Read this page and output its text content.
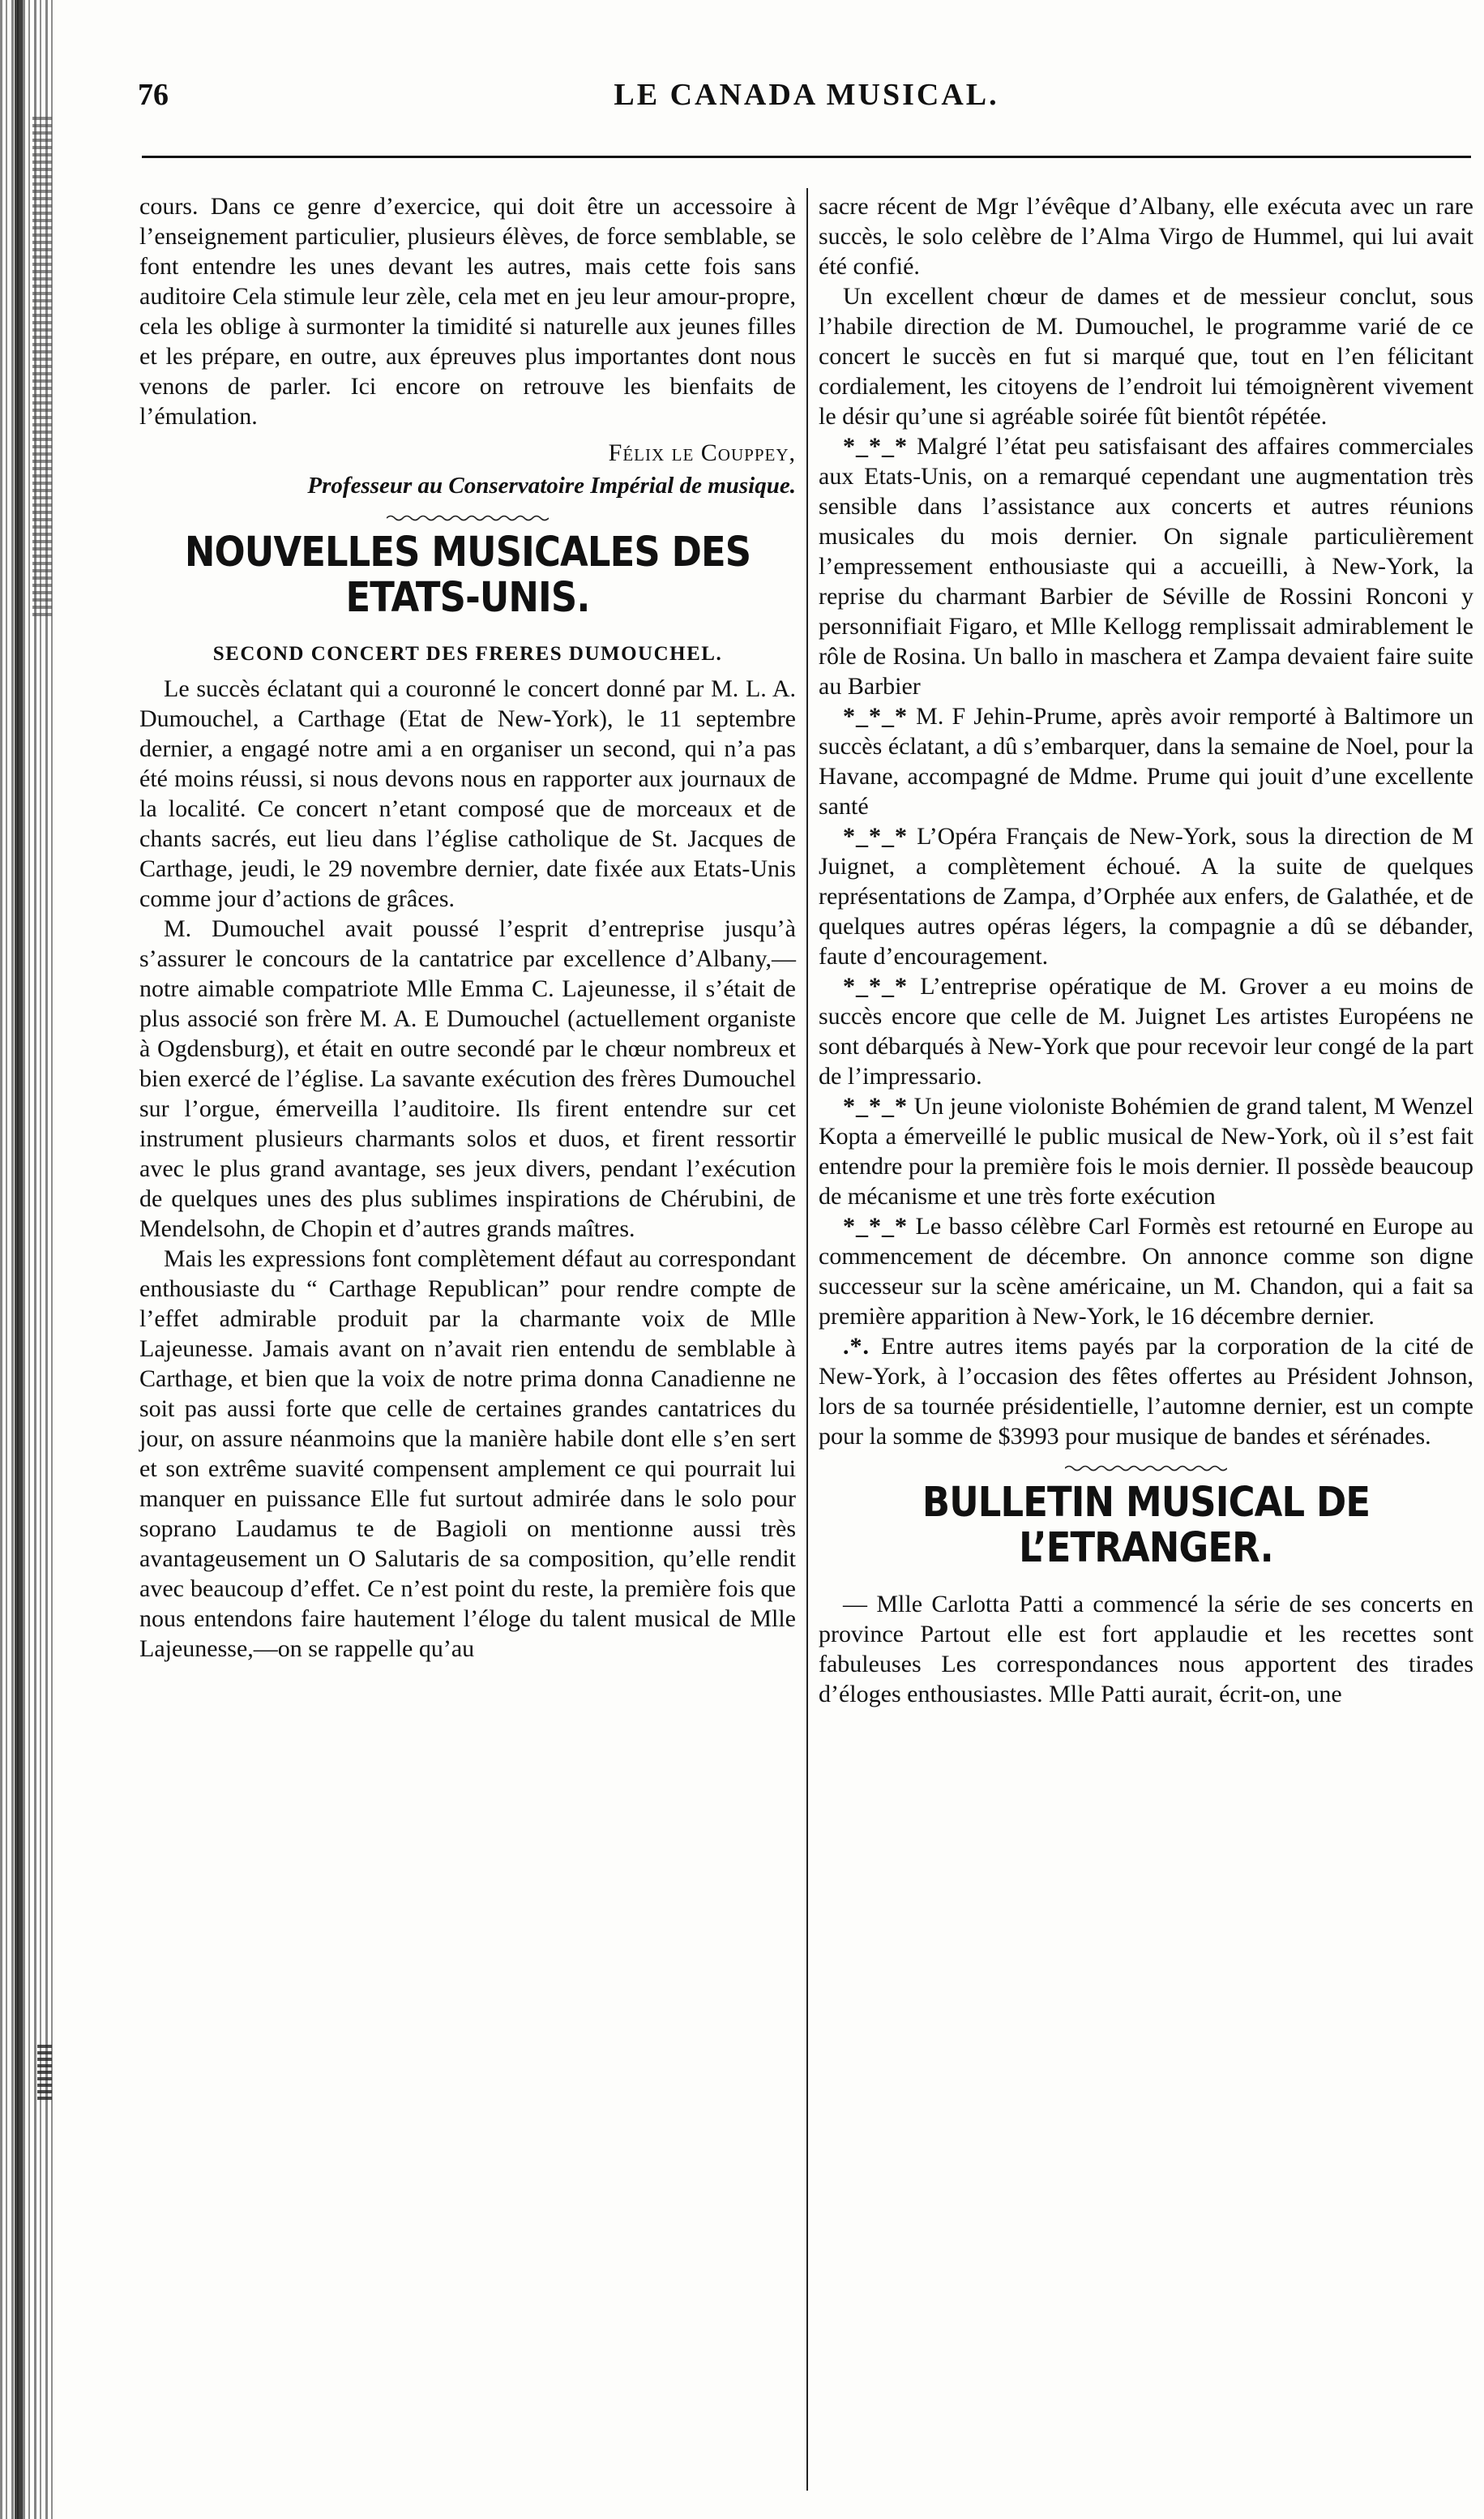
76	LE CANADA MUSICAL.

cours. Dans ce genre d’exercice, qui doit être un accessoire à l’enseignement particulier, plusieurs élèves, de force semblable, se font entendre les unes devant les autres, mais cette fois sans auditoire Cela stimule leur zèle, cela met en jeu leur amour-propre, cela les oblige à surmonter la timidité si naturelle aux jeunes filles et les prépare, en outre, aux épreuves plus importantes dont nous venons de parler. Ici encore on retrouve les bienfaits de l’émulation.

Félix le Couppey,

Professeur au Conservatoire Impérial de musique.

NOUVELLES MUSICALES DES ETATS-UNIS.
SECOND CONCERT DES FRERES DUMOUCHEL.

Le succès éclatant qui a couronné le concert donné par M. L. A. Dumouchel, a Carthage (Etat de New-York), le 11 septembre dernier, a engagé notre ami a en organiser un second, qui n’a pas été moins réussi, si nous devons nous en rapporter aux journaux de la localité. Ce concert n’etant composé que de morceaux et de chants sacrés, eut lieu dans l’église catholique de St. Jacques de Carthage, jeudi, le 29 novembre dernier, date fixée aux Etats-Unis comme jour d’actions de grâces.

M. Dumouchel avait poussé l’esprit d’entreprise jusqu’à s’assurer le concours de la cantatrice par excellence d’Albany,—notre aimable compatriote Mlle Emma C. Lajeunesse, il s’était de plus associé son frère M. A. E Dumouchel (actuellement organiste à Ogdensburg), et était en outre secondé par le chœur nombreux et bien exercé de l’église. La savante exécution des frères Dumouchel sur l’orgue, émerveilla l’auditoire. Ils firent entendre sur cet instrument plusieurs charmants solos et duos, et firent ressortir avec le plus grand avantage, ses jeux divers, pendant l’exécution de quelques unes des plus sublimes inspirations de Chérubini, de Mendelsohn, de Chopin et d’autres grands maîtres.

Mais les expressions font complètement défaut au correspondant enthousiaste du “ Carthage Republican” pour rendre compte de l’effet admirable produit par la charmante voix de Mlle Lajeunesse. Jamais avant on n’avait rien entendu de semblable à Carthage, et bien que la voix de notre prima donna Canadienne ne soit pas aussi forte que celle de certaines grandes cantatrices du jour, on assure néanmoins que la manière habile dont elle s’en sert et son extrême suavité compensent amplement ce qui pourrait lui manquer en puissance Elle fut surtout admirée dans le solo pour soprano Laudamus te de Bagioli on mentionne aussi très avantageusement un O Salutaris de sa composition, qu’elle rendit avec beaucoup d’effet. Ce n’est point du reste, la première fois que nous entendons faire hautement l’éloge du talent musical de Mlle Lajeunesse,—on se rappelle qu’au

sacre récent de Mgr l’évêque d’Albany, elle exécuta avec un rare succès, le solo celèbre de l’Alma Virgo de Hummel, qui lui avait été confié.

Un excellent chœur de dames et de messieur conclut, sous l’habile direction de M. Dumouchel, le programme varié de ce concert le succès en fut si marqué que, tout en l’en félicitant cordialement, les citoyens de l’endroit lui témoignèrent vivement le désir qu’une si agréable soirée fût bientôt répétée.

*_*_* Malgré l’état peu satisfaisant des affaires commerciales aux Etats-Unis, on a remarqué cependant une augmentation très sensible dans l’assistance aux concerts et autres réunions musicales du mois dernier. On signale particulièrement l’empressement enthousiaste qui a accueilli, à New-York, la reprise du charmant Barbier de Séville de Rossini Ronconi y personnifiait Figaro, et Mlle Kellogg remplissait admirablement le rôle de Rosina. Un ballo in maschera et Zampa devaient faire suite au Barbier

*_*_* M. F Jehin-Prume, après avoir remporté à Baltimore un succès éclatant, a dû s’embarquer, dans la semaine de Noel, pour la Havane, accompagné de Mdme. Prume qui jouit d’une excellente santé

*_*_* L’Opéra Français de New-York, sous la direction de M Juignet, a complètement échoué. A la suite de quelques représentations de Zampa, d’Orphée aux enfers, de Galathée, et de quelques autres opéras légers, la compagnie a dû se débander, faute d’encouragement.

*_*_* L’entreprise opératique de M. Grover a eu moins de succès encore que celle de M. Juignet Les artistes Européens ne sont débarqués à New-York que pour recevoir leur congé de la part de l’impressario.

*_*_* Un jeune violoniste Bohémien de grand talent, M Wenzel Kopta a émerveillé le public musical de New-York, où il s’est fait entendre pour la première fois le mois dernier. Il possède beaucoup de mécanisme et une très forte exécution

*_*_* Le basso célèbre Carl Formès est retourné en Europe au commencement de décembre. On annonce comme son digne successeur sur la scène américaine, un M. Chandon, qui a fait sa première apparition à New-York, le 16 décembre dernier.

.*. Entre autres items payés par la corporation de la cité de New-York, à l’occasion des fêtes offertes au Président Johnson, lors de sa tournée présidentielle, l’automne dernier, est un compte pour la somme de $3993 pour musique de bandes et sérénades.

BULLETIN MUSICAL DE L’ETRANGER.

— Mlle Carlotta Patti a commencé la série de ses concerts en province Partout elle est fort applaudie et les recettes sont fabuleuses Les correspondances nous apportent des tirades d’éloges enthousiastes. Mlle Patti aurait, écrit-on, une
